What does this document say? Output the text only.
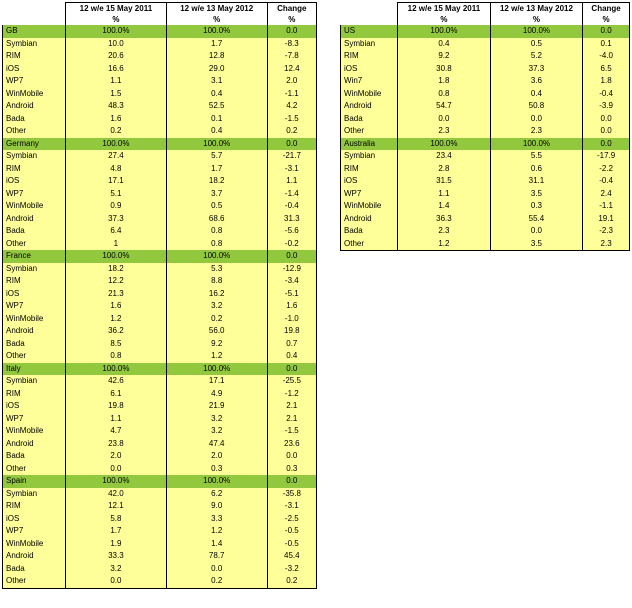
	12 w/e 15 May 2011	12 w/e 13 May 2012	Change
	%	%	%
GB	100.0%	100.0%	0.0
Symbian	10.0	1.7	-8.3
RIM	20.6	12.8	-7.8
iOS	16.6	29.0	12.4
WP7	1.1	3.1	2.0
WinMobile	1.5	0.4	-1.1
Android	48.3	52.5	4.2
Bada	1.6	0.1	-1.5
Other	0.2	0.4	0.2
Germany	100.0%	100.0%	0.0
Symbian	27.4	5.7	-21.7
RIM	4.8	1.7	-3.1
iOS	17.1	18.2	1.1
WP7	5.1	3.7	-1.4
WinMobile	0.9	0.5	-0.4
Android	37.3	68.6	31.3
Bada	6.4	0.8	-5.6
Other	1	0.8	-0.2
France	100.0%	100.0%	0.0
Symbian	18.2	5.3	-12.9
RIM	12.2	8.8	-3.4
iOS	21.3	16.2	-5.1
WP7	1.6	3.2	1.6
WinMobile	1.2	0.2	-1.0
Android	36.2	56.0	19.8
Bada	8.5	9.2	0.7
Other	0.8	1.2	0.4
Italy	100.0%	100.0%	0.0
Symbian	42.6	17.1	-25.5
RIM	6.1	4.9	-1.2
iOS	19.8	21.9	2.1
WP7	1.1	3.2	2.1
WinMobile	4.7	3.2	-1.5
Android	23.8	47.4	23.6
Bada	2.0	2.0	0.0
Other	0.0	0.3	0.3
Spain	100.0%	100.0%	0.0
Symbian	42.0	6.2	-35.8
RIM	12.1	9.0	-3.1
iOS	5.8	3.3	-2.5
WP7	1.7	1.2	-0.5
WinMobile	1.9	1.4	-0.5
Android	33.3	78.7	45.4
Bada	3.2	0.0	-3.2
Other	0.0	0.2	0.2
	12 w/e 15 May 2011	12 w/e 13 May 2012	Change
	%	%	%
US	100.0%	100.0%	0.0
Symbian	0.4	0.5	0.1
RIM	9.2	5.2	-4.0
iOS	30.8	37.3	6.5
Win7	1.8	3.6	1.8
WinMobile	0.8	0.4	-0.4
Android	54.7	50.8	-3.9
Bada	0.0	0.0	0.0
Other	2.3	2.3	0.0
Australia	100.0%	100.0%	0.0
Symbian	23.4	5.5	-17.9
RIM	2.8	0.6	-2.2
iOS	31.5	31.1	-0.4
WP7	1.1	3.5	2.4
WinMobile	1.4	0.3	-1.1
Android	36.3	55.4	19.1
Bada	2.3	0.0	-2.3
Other	1.2	3.5	2.3
